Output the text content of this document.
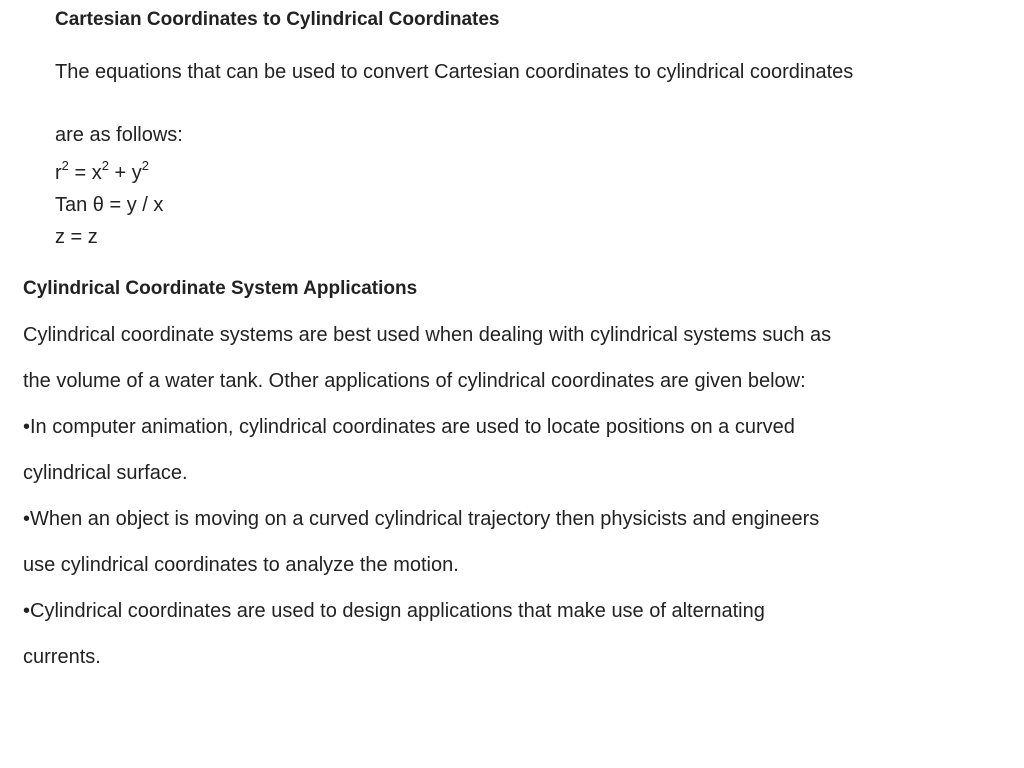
Cartesian Coordinates to Cylindrical Coordinates
The equations that can be used to convert Cartesian coordinates to cylindrical coordinates
are as follows:
$r^2 = x^2 + y^2$
Tan θ = y / x
z = z
Cylindrical Coordinate System Applications
Cylindrical coordinate systems are best used when dealing with cylindrical systems such as
the volume of a water tank. Other applications of cylindrical coordinates are given below:
•In computer animation, cylindrical coordinates are used to locate positions on a curved
cylindrical surface.
•When an object is moving on a curved cylindrical trajectory then physicists and engineers
use cylindrical coordinates to analyze the motion.
•Cylindrical coordinates are used to design applications that make use of alternating
currents.
